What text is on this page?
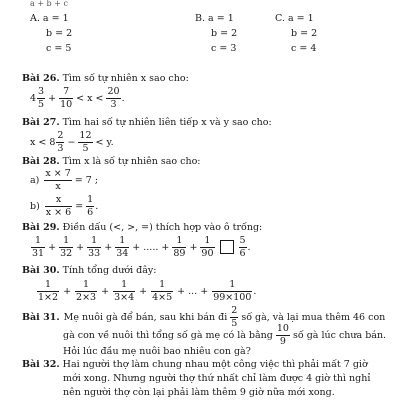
a + b + c
A. a = 1
b = 2
c = 5
B. a = 1
b = 2
c = 3
C. a = 1
b = 2
c = 4
Bài 26. Tìm số tự nhiên x sao cho:
$4 \frac{3}{5} + \frac{7}{10} < x < \frac{20}{3}$ .
Bài 27. Tìm hai số tự nhiên liên tiếp x và y sao cho:
$x < 8 \frac{2}{3} - \frac{12}{5} < y$.
Bài 28. Tìm x là số tự nhiên sao cho:
$a) \frac{x \times 7}{x} = 7$ ;
$b) \frac{x}{x \times 6} = \frac{1}{6}$ .
Bài 29. Điền dấu (<, >, =) thích hợp vào ô trống:
$\frac{1}{31} + \frac{1}{32} + \frac{1}{33} + \frac{1}{34}$ + ..... + $\frac{1}{89} + \frac{1}{90}$	$\frac{5}{6}$ .
Bài 30. Tính tổng dưới đây:
$\frac{1}{1\times 2} + \frac{1}{2\times 3} + \frac{1}{3\times 4} + \frac{1}{4\times 5}$ + ... + $\frac{1}{99\times 100}$ .
Bài 31. Mẹ nuôi gà để bán, sau khi bán đi $\frac{2}{5}$ số gà, và lại mua thêm 46 con
gà con về nuôi thì tổng số gà mẹ có là bằng $\frac{10}{9}$ số gà lúc chưa bán.
Hỏi lúc đầu mẹ nuôi bao nhiêu con gà?
Bài 32. Hai người thợ làm chung nhau một công việc thì phải mất 7 giờ
mới xong. Nhưng người thợ thứ nhất chỉ làm được 4 giờ thì nghỉ
nên người thợ còn lại phải làm thêm 9 giờ nữa mới xong.
